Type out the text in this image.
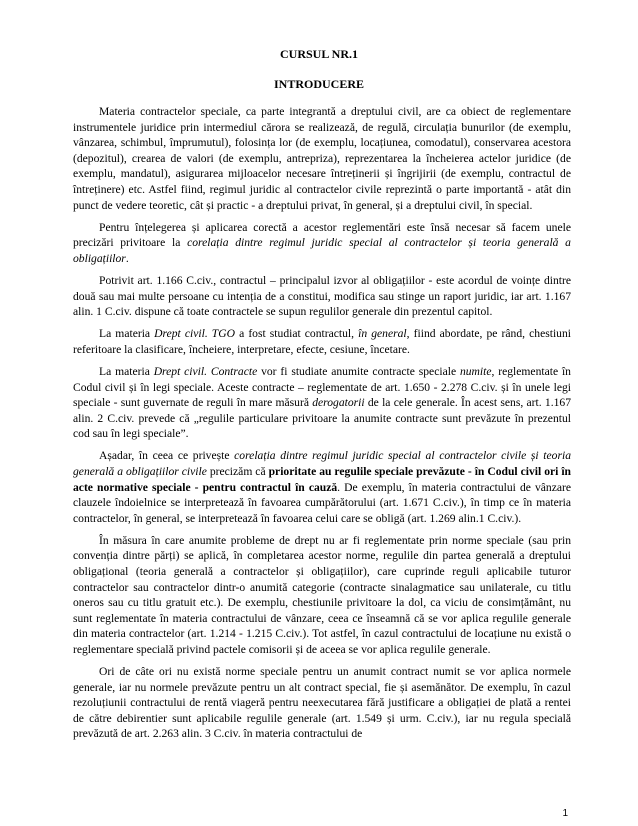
CURSUL NR.1
INTRODUCERE

Materia contractelor speciale, ca parte integrantă a dreptului civil, are ca obiect de reglementare instrumentele juridice prin intermediul cărora se realizează, de regulă, circulația bunurilor (de exemplu, vânzarea, schimbul, împrumutul), folosința lor (de exemplu, locațiunea, comodatul), conservarea acestora (depozitul), crearea de valori (de exemplu, antrepriza), reprezentarea la încheierea actelor juridice (de exemplu, mandatul), asigurarea mijloacelor necesare întreținerii și îngrijirii (de exemplu, contractul de întreținere) etc. Astfel fiind, regimul juridic al contractelor civile reprezintă o parte importantă - atât din punct de vedere teoretic, cât și practic - a dreptului privat, în general, și a dreptului civil, în special.

Pentru înțelegerea și aplicarea corectă a acestor reglementări este însă necesar să facem unele precizări privitoare la corelația dintre regimul juridic special al contractelor și teoria generală a obligațiilor.

Potrivit art. 1.166 C.civ., contractul – principalul izvor al obligațiilor - este acordul de voințe dintre două sau mai multe persoane cu intenția de a constitui, modifica sau stinge un raport juridic, iar art. 1.167 alin. 1 C.civ. dispune că toate contractele se supun regulilor generale din prezentul capitol.

La materia Drept civil. TGO a fost studiat contractul, în general, fiind abordate, pe rând, chestiuni referitoare la clasificare, încheiere, interpretare, efecte, cesiune, încetare.

La materia Drept civil. Contracte vor fi studiate anumite contracte speciale numite, reglementate în Codul civil și în legi speciale. Aceste contracte – reglementate de art. 1.650 - 2.278 C.civ. și în unele legi speciale - sunt guvernate de reguli în mare măsură derogatorii de la cele generale. În acest sens, art. 1.167 alin. 2 C.civ. prevede că „regulile particulare privitoare la anumite contracte sunt prevăzute în prezentul cod sau în legi speciale”.

Așadar, în ceea ce privește corelația dintre regimul juridic special al contractelor civile și teoria generală a obligațiilor civile precizăm că prioritate au regulile speciale prevăzute - în Codul civil ori în acte normative speciale - pentru contractul în cauză. De exemplu, în materia contractului de vânzare clauzele îndoielnice se interpretează în favoarea cumpărătorului (art. 1.671 C.civ.), în timp ce în materia contractelor, în general, se interpretează în favoarea celui care se obligă (art. 1.269 alin.1 C.civ.).

În măsura în care anumite probleme de drept nu ar fi reglementate prin norme speciale (sau prin convenția dintre părți) se aplică, în completarea acestor norme, regulile din partea generală a dreptului obligațional (teoria generală a contractelor și obligațiilor), care cuprinde reguli aplicabile tuturor contractelor sau contractelor dintr-o anumită categorie (contracte sinalagmatice sau unilaterale, cu titlu oneros sau cu titlu gratuit etc.). De exemplu, chestiunile privitoare la dol, ca viciu de consimțământ, nu sunt reglementate în materia contractului de vânzare, ceea ce înseamnă că se vor aplica regulile generale din materia contractelor (art. 1.214 - 1.215 C.civ.). Tot astfel, în cazul contractului de locațiune nu există o reglementare specială privind pactele comisorii și de aceea se vor aplica regulile generale.

Ori de câte ori nu există norme speciale pentru un anumit contract numit se vor aplica normele generale, iar nu normele prevăzute pentru un alt contract special, fie și asemănător. De exemplu, în cazul rezoluțiunii contractului de rentă viageră pentru neexecutarea fără justificare a obligației de plată a rentei de către debirentier sunt aplicabile regulile generale (art. 1.549 și urm. C.civ.), iar nu regula specială prevăzută de art. 2.263 alin. 3 C.civ. în materia contractului de

1
